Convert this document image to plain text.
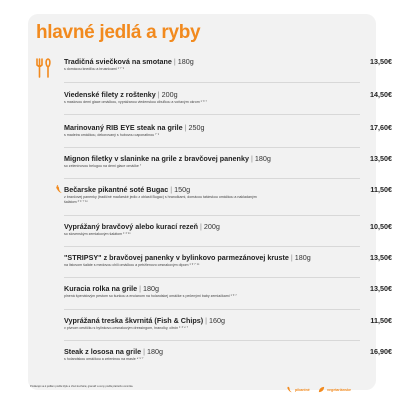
hlavné jedlá a ryby
Tradičná sviečková na smotane | 180g
s domácou knedľou a brusnicami ¹˙⁷˙⁹
13,50€
Viedenské filety z roštenky | 200g
s maslovou demi glace omáčkou, vyprážanou viedenskou cibuľkou a voňavým okrom ¹˙³˙⁷
14,50€
Marinovaný RIB EYE steak na grile | 250g
s madeira omáčkou, dekorovaný s hubovou caponatinou ⁷˙⁹
17,60€
Mignon filetky v slaninke na grile z bravčovej panenky | 180g
so zelenínovou belugou na demi glace omáčke ⁷
13,50€
Bečarske pikantné soté Bugac | 150g
z bravčovej panenky (tradičné maďarské jedlo z oblasti Bugac) s hranolkami, domácou tatárskou omáčkou a nakladaným šalátom ³˙⁶˙⁷˙¹⁰
11,50€
Vyprážaný bravčový alebo kurací rezeň | 200g
so slovenským zemiakovým šalátom ¹˙³˙¹⁰
10,50€
"STRIPSY" z bravčovej panenky v bylinkovo parmezánovej kruste | 180g
na listovom šaláte s medovou chili omáčkou a petržlenovo cesnakovým dipom ¹˙³˙⁷˙¹⁰
13,50€
Kuracia rolka na grile | 180g
plnená špenátovým pestom so šunkou a encianom na holandskej omáčke s pečenými baby zemiačkami ¹˙³˙⁷
13,50€
Vyprážaná treska škvrnitá (Fish & Chips) | 160g
v pivnom cestíčku s bylinkovo-cesnakovým dressingom, hranolky, citrón ¹˙³˙⁴˙⁷
11,50€
Steak z lososa na grile | 180g
s holandskou omáčkou a zeleninou na masle ⁴˙⁵˙⁷
16,90€
Podávajú sa k jedlám podľa štýlu a chuti kuchára; gramáž a ceny podľa platného cenníka.
pikantné	vegetariánske
